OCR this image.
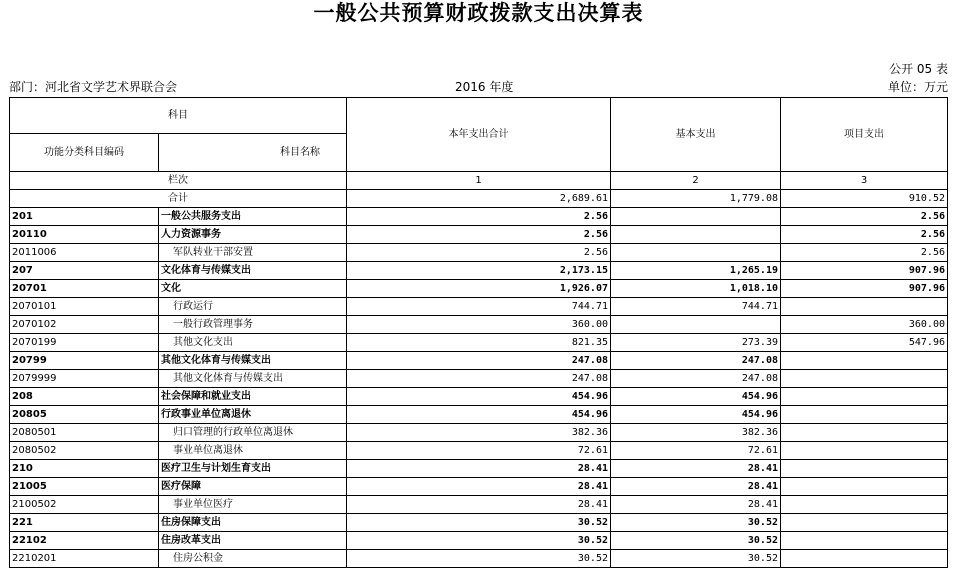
一般公共预算财政拨款支出决算表
公开 05 表
部门：河北省文学艺术界联合会	2016 年度	单位：万元
科目		本年支出合计	基本支出	项目支出
功能分类科目编码	科目名称			
栏次		1	2	3
合计		2,689.61	1,779.08	910.52
201	一般公共服务支出	2.56		2.56
20110	人力资源事务	2.56		2.56
2011006	军队转业干部安置	2.56		2.56
207	文化体育与传媒支出	2,173.15	1,265.19	907.96
20701	文化	1,926.07	1,018.10	907.96
2070101	行政运行	744.71	744.71	
2070102	一般行政管理事务	360.00		360.00
2070199	其他文化支出	821.35	273.39	547.96
20799	其他文化体育与传媒支出	247.08	247.08	
2079999	其他文化体育与传媒支出	247.08	247.08	
208	社会保障和就业支出	454.96	454.96	
20805	行政事业单位离退休	454.96	454.96	
2080501	归口管理的行政单位离退休	382.36	382.36	
2080502	事业单位离退休	72.61	72.61	
210	医疗卫生与计划生育支出	28.41	28.41	
21005	医疗保障	28.41	28.41	
2100502	事业单位医疗	28.41	28.41	
221	住房保障支出	30.52	30.52	
22102	住房改革支出	30.52	30.52	
2210201	住房公积金	30.52	30.52	
